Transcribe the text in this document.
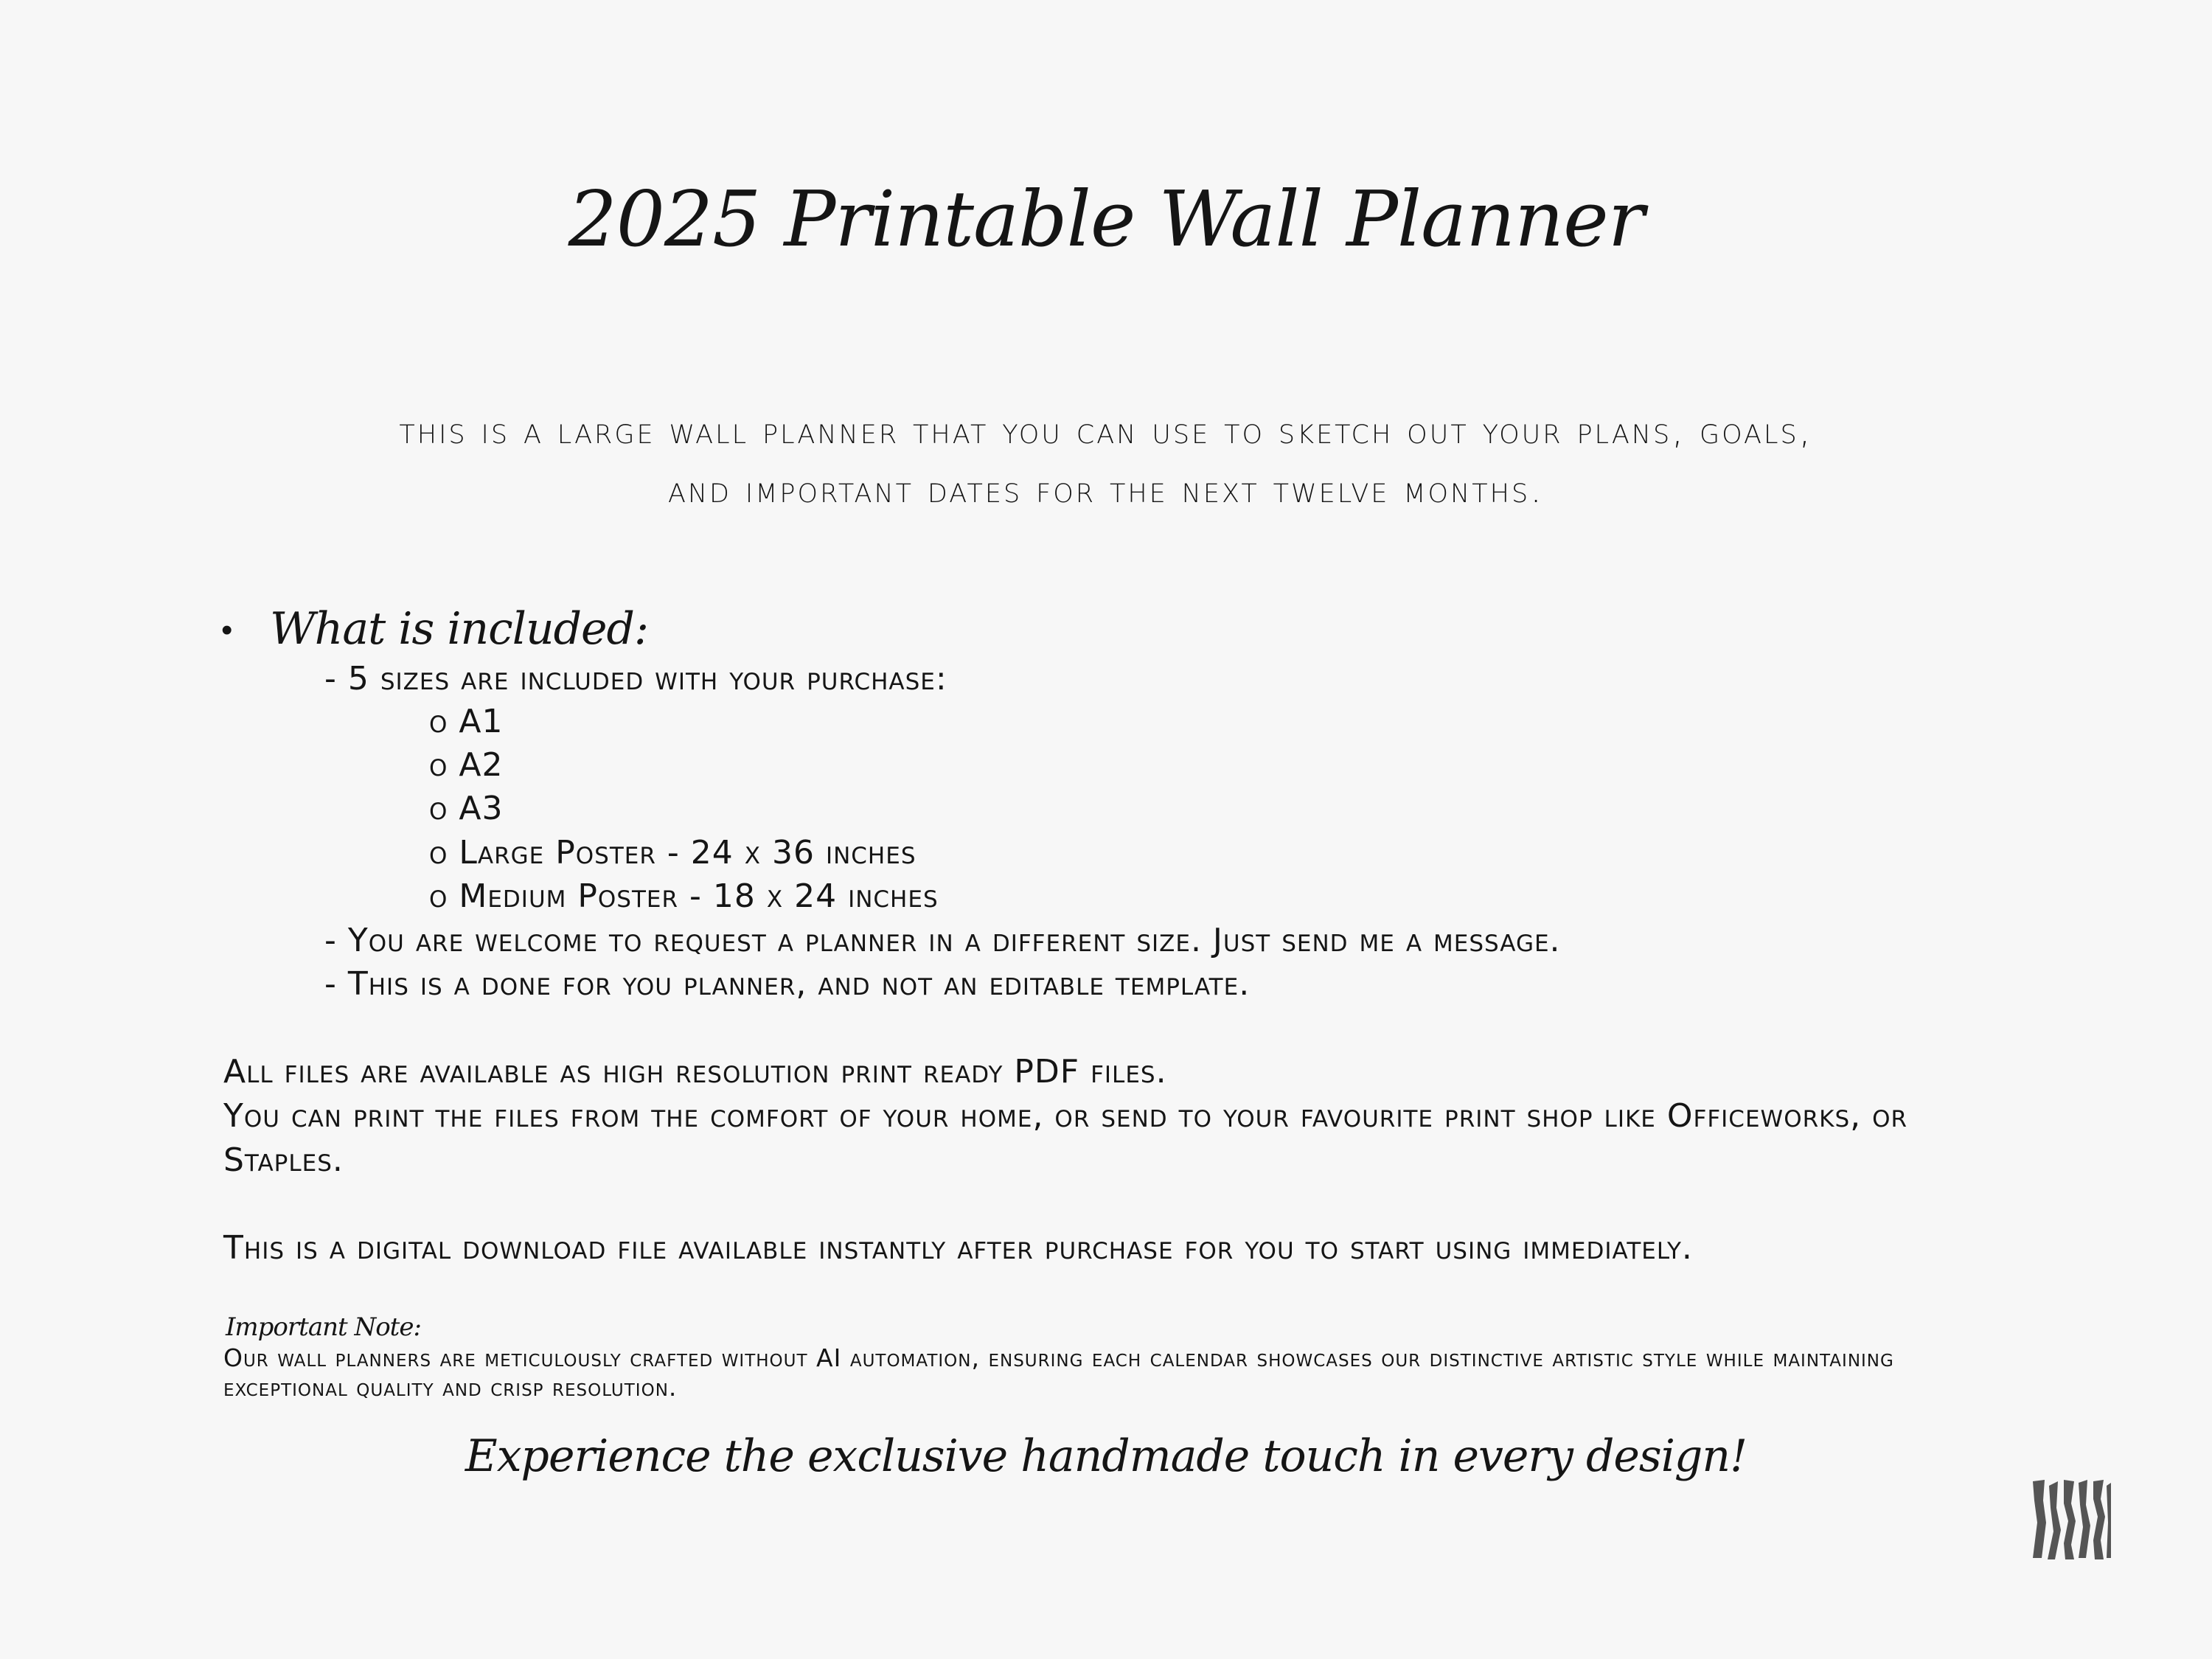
2025 Printable Wall Planner
this is a large wall planner that you can use to sketch out your plans, goals,
and important dates for the next twelve months.
• What is included:
- 5 sizes are included with your purchase:
o A1
o A2
o A3
o Large Poster - 24 x 36 inches
o Medium Poster - 18 x 24 inches
- You are welcome to request a planner in a different size. Just send me a message.
- This is a done for you planner, and not an editable template.
All files are available as high resolution print ready PDF files.
You can print the files from the comfort of your home, or send to your favourite print shop like Officeworks, or
Staples.
This is a digital download file available instantly after purchase for you to start using immediately.
Important Note:
Our wall planners are meticulously crafted without AI automation, ensuring each calendar showcases our distinctive artistic style while maintaining exceptional quality and crisp resolution.
Experience the exclusive handmade touch in every design!
